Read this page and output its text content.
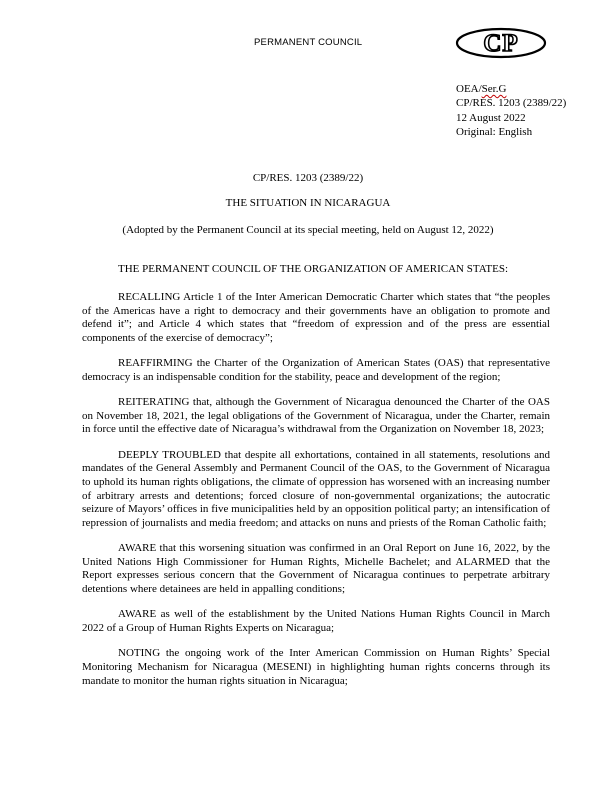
PERMANENT COUNCIL	CP
OEA/Ser.G
CP/RES. 1203 (2389/22)
12 August 2022
Original: English
CP/RES. 1203 (2389/22)
THE SITUATION IN NICARAGUA
(Adopted by the Permanent Council at its special meeting, held on August 12, 2022)

THE PERMANENT COUNCIL OF THE ORGANIZATION OF AMERICAN STATES:

RECALLING Article 1 of the Inter American Democratic Charter which states that “the peoples of the Americas have a right to democracy and their governments have an obligation to promote and defend it”; and Article 4 which states that “freedom of expression and of the press are essential components of the exercise of democracy”;

REAFFIRMING the Charter of the Organization of American States (OAS) that representative democracy is an indispensable condition for the stability, peace and development of the region;

REITERATING that, although the Government of Nicaragua denounced the Charter of the OAS on November 18, 2021, the legal obligations of the Government of Nicaragua, under the Charter, remain in force until the effective date of Nicaragua’s withdrawal from the Organization on November 18, 2023;

DEEPLY TROUBLED that despite all exhortations, contained in all statements, resolutions and mandates of the General Assembly and Permanent Council of the OAS, to the Government of Nicaragua to uphold its human rights obligations, the climate of oppression has worsened with an increasing number of arbitrary arrests and detentions; forced closure of non-governmental organizations; the autocratic seizure of Mayors’ offices in five municipalities held by an opposition political party; an intensification of repression of journalists and media freedom; and attacks on nuns and priests of the Roman Catholic faith;

AWARE that this worsening situation was confirmed in an Oral Report on June 16, 2022, by the United Nations High Commissioner for Human Rights, Michelle Bachelet; and ALARMED that the Report expresses serious concern that the Government of Nicaragua continues to perpetrate arbitrary detentions where detainees are held in appalling conditions;

AWARE as well of the establishment by the United Nations Human Rights Council in March 2022 of a Group of Human Rights Experts on Nicaragua;

NOTING the ongoing work of the Inter American Commission on Human Rights’ Special Monitoring Mechanism for Nicaragua (MESENI) in highlighting human rights concerns through its mandate to monitor the human rights situation in Nicaragua;
